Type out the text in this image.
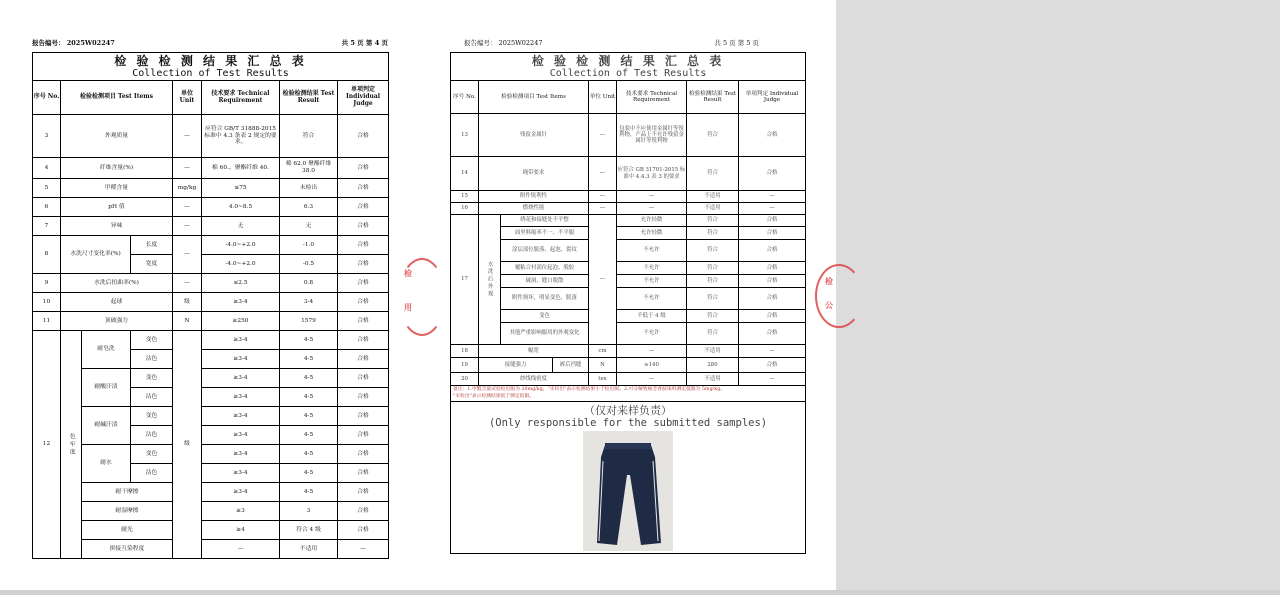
检
用
检
公
报告编号： 2025W02247	共 5 页 第 4 页
检 验 检 测 结 果 汇 总 表
Collection of Test Results							

序号 No.	检验检测项目 Test Items			单位 Unit	技术要求 Technical Requirement	检验检测结果 Test Result	单项判定 Individual Judge
3	外观质量			—	应符合 GB/T 31888-2015 标准中 4.3 条表 2 规定的要求。	符合	合格
4	纤维含量(%)			—	棉 60.、聚酯纤维 40.	棉 62.0 聚酯纤维 38.0	合格
5	甲醛含量			mg/kg	≤75	未检出	合格
6	pH 值			—	4.0~8.5	6.3	合格
7	异味			—	无	无	合格
8	水洗尺寸变化率(%)		长度	—	-4.0~+2.0	-1.0	合格
			宽度		-4.0~+2.0	-0.5	合格
9	水洗后扭曲率(%)			—	≤2.5	0.8	合格
10	起球			级	≥3-4	3-4	合格
11	顶破强力			N	≥250	1579	合格
12	色牢度	耐皂洗	变色	级	≥3-4	4-5	合格
			沾色		≥3-4	4-5	合格
		耐酸汗渍	变色		≥3-4	4-5	合格
			沾色		≥3-4	4-5	合格
		耐碱汗渍	变色		≥3-4	4-5	合格
			沾色		≥3-4	4-5	合格
		耐水	变色		≥3-4	4-5	合格
			沾色		≥3-4	4-5	合格
		耐干摩擦			≥3-4	4-5	合格
		耐湿摩擦			≥3	3	合格
		耐光			≥4	符合 4 级	合格
		拼接互染程度			—	不适用	—
报告编号： 2025W02247	共 5 页 第 5 页
检 验 检 测 结 果 汇 总 表
Collection of Test Results							

序号 No.	检验检测项目 Test Items			单位 Unit	技术要求 Technical Requirement	检验检测结果 Test Result	单项判定 Individual Judge
13	残留金属针			—	包装中不应使用金属针等锐利物，产品上不允许残留金属针等锐利物	符合	合格
14	绳带要求			—	应符合 GB 31701-2015 标准中 4.4.3 表 3 的要求	符合	合格
15	附件锐利性			—	—	不适用	—
16	燃烧性能			—	—	不适用	—
17	水洗后外观	绣花和接缝处不平整		—	允许轻微	符合	合格
		面里料缩率不一、不平服			允许轻微	符合	合格
		涂层部位脱落、起泡、裂纹			不允许	符合	合格
		覆粘合衬部位起泡、脱胶			不允许	符合	合格
		破洞、缝口脱散			不允许	符合	合格
		附件损坏，明显变色、脱落			不允许	符合	合格
		变色			不低于 4 级	符合	合格
		其他严重影响服用的外观变化			不允许	符合	合格
18	幅宽			cm	—	不适用	—
19	接缝强力		裤后裆缝	N	≥140	280	合格
20	纱线线密度			tex	—	不适用	—

备注：1.甲醛含量试验检出限为 20mg/kg，"未检出"表示检测结果小于检出限。2.可分解致癌芳香胺染料测定低限为 5mg/kg。
"未检出"表示检测结果低于测定低限。							

（仅对来样负责）
(Only responsible for the submitted samples)							
